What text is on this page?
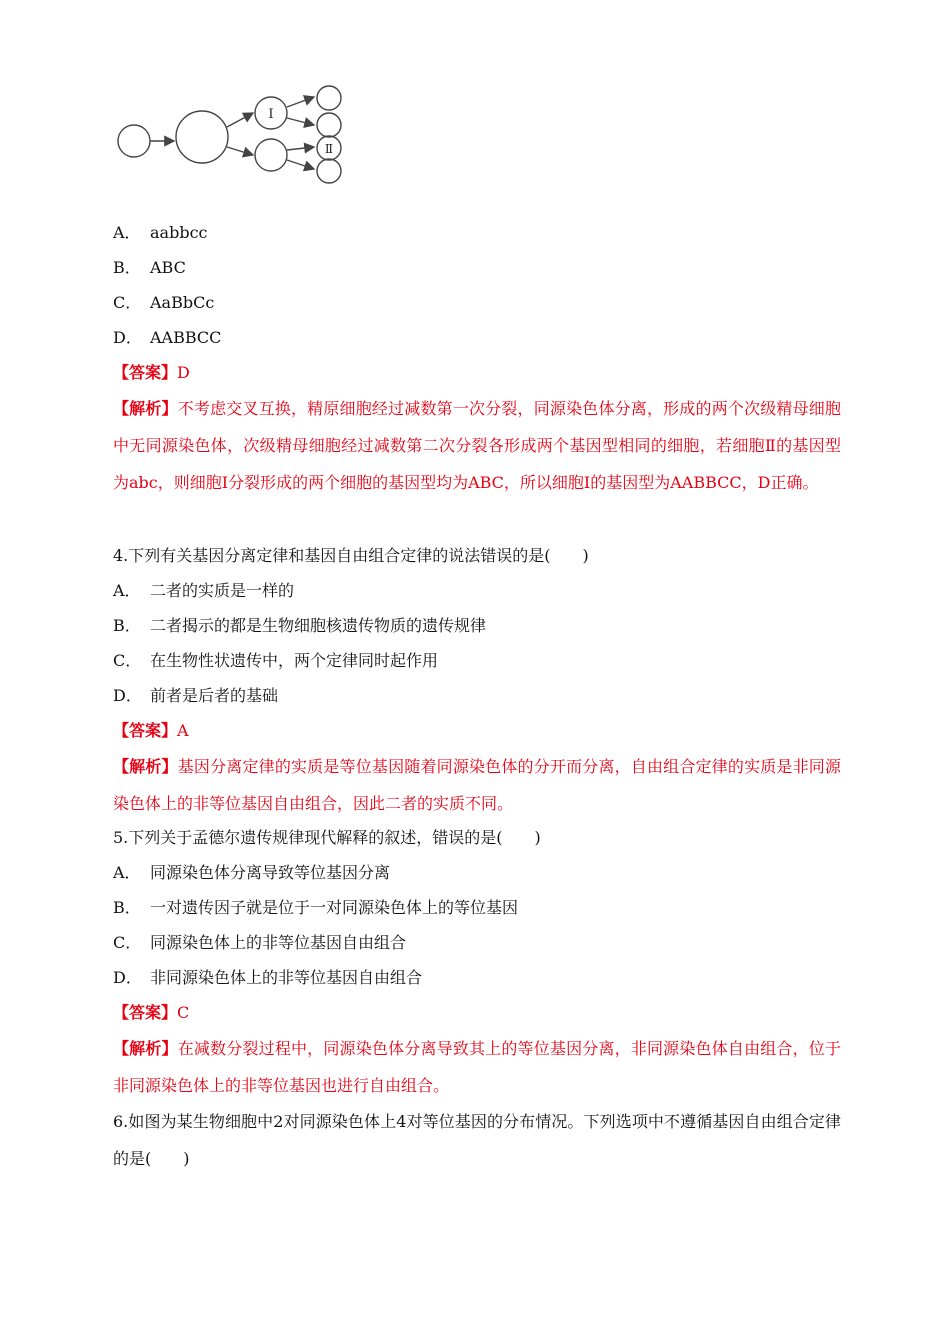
Ⅰ
Ⅱ
A． aabbcc
B． ABC
C． AaBbCc
D． AABBCC
【答案】D
【解析】不考虑交叉互换，精原细胞经过减数第一次分裂，同源染色体分离，形成的两个次级精母细胞中无同源染色体，次级精母细胞经过减数第二次分裂各形成两个基因型相同的细胞，若细胞Ⅱ的基因型为abc，则细胞Ⅰ分裂形成的两个细胞的基因型均为ABC，所以细胞Ⅰ的基因型为AABBCC，D正确。
4.下列有关基因分离定律和基因自由组合定律的说法错误的是(　　)
A． 二者的实质是一样的
B． 二者揭示的都是生物细胞核遗传物质的遗传规律
C． 在生物性状遗传中，两个定律同时起作用
D． 前者是后者的基础
【答案】A
【解析】基因分离定律的实质是等位基因随着同源染色体的分开而分离，自由组合定律的实质是非同源染色体上的非等位基因自由组合，因此二者的实质不同。
5.下列关于孟德尔遗传规律现代解释的叙述，错误的是(　　)
A． 同源染色体分离导致等位基因分离
B． 一对遗传因子就是位于一对同源染色体上的等位基因
C． 同源染色体上的非等位基因自由组合
D． 非同源染色体上的非等位基因自由组合
【答案】C
【解析】在减数分裂过程中，同源染色体分离导致其上的等位基因分离，非同源染色体自由组合，位于非同源染色体上的非等位基因也进行自由组合。
6.如图为某生物细胞中2对同源染色体上4对等位基因的分布情况。下列选项中不遵循基因自由组合定律的是(　　)
